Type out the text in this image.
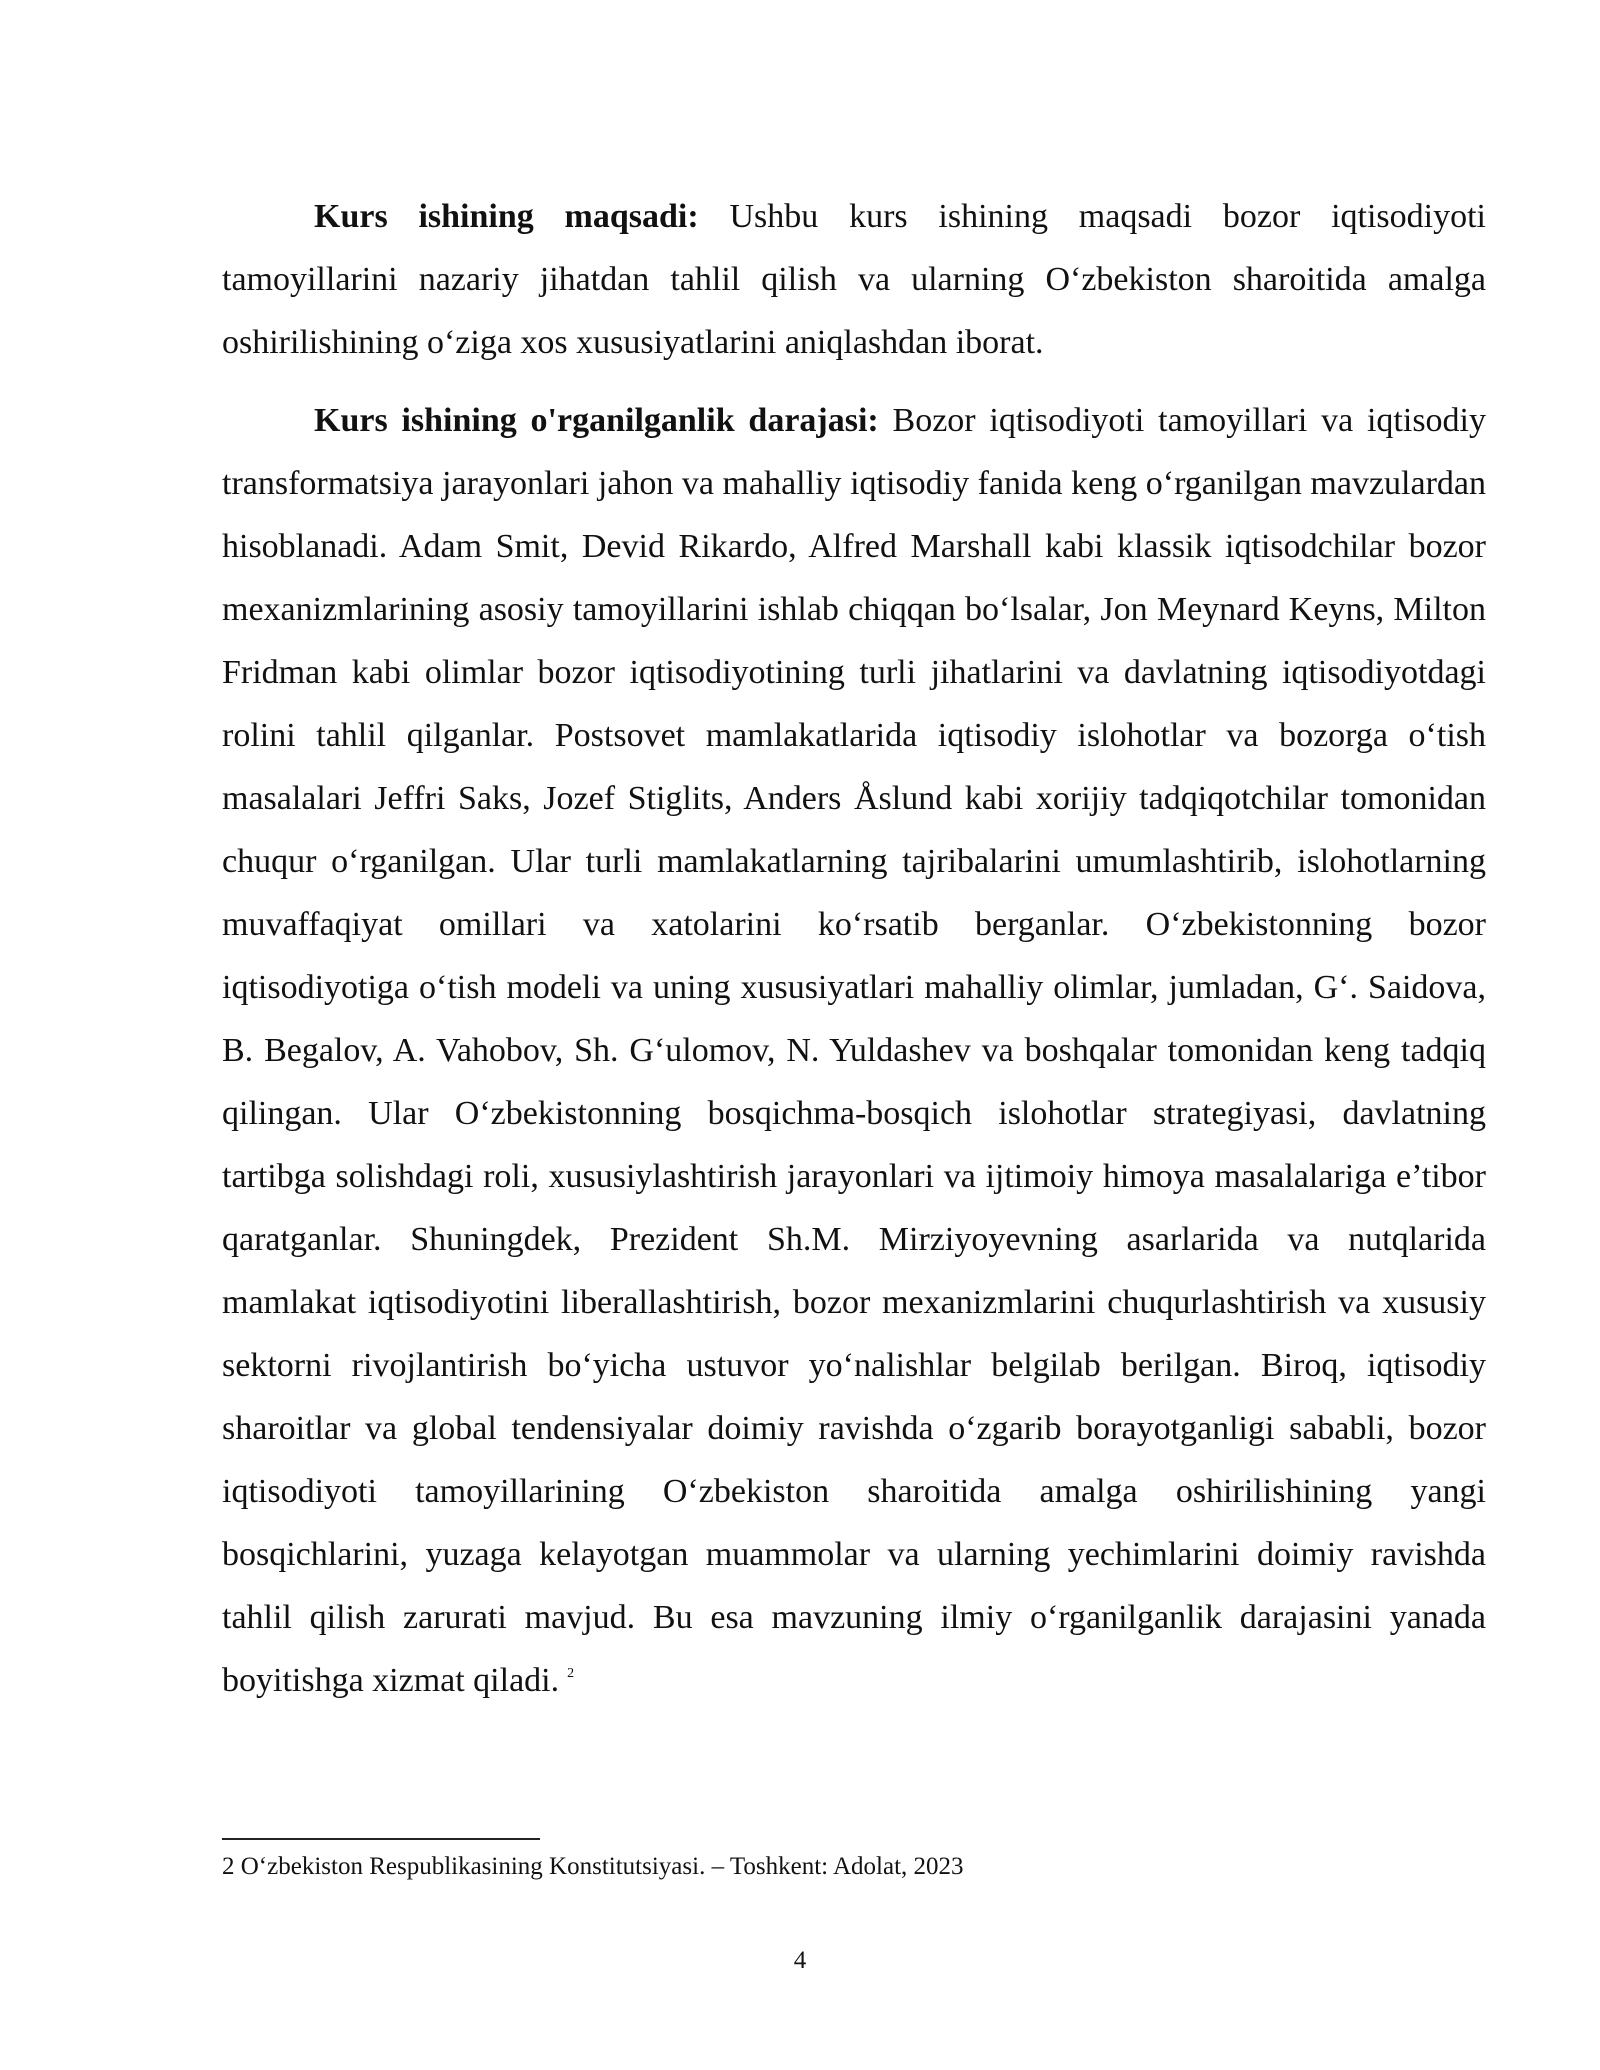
Kurs ishining maqsadi: Ushbu kurs ishining maqsadi bozor iqtisodiyoti tamoyillarini nazariy jihatdan tahlil qilish va ularning O‘zbekiston sharoitida amalga oshirilishining o‘ziga xos xususiyatlarini aniqlashdan iborat.

Kurs ishining o'rganilganlik darajasi: Bozor iqtisodiyoti tamoyillari va iqtisodiy transformatsiya jarayonlari jahon va mahalliy iqtisodiy fanida keng o‘rganilgan mavzulardan hisoblanadi. Adam Smit, Devid Rikardo, Alfred Marshall kabi klassik iqtisodchilar bozor mexanizmlarining asosiy tamoyillarini ishlab chiqqan bo‘lsalar, Jon Meynard Keyns, Milton Fridman kabi olimlar bozor iqtisodiyotining turli jihatlarini va davlatning iqtisodiyotdagi rolini tahlil qilganlar. Postsovet mamlakatlarida iqtisodiy islohotlar va bozorga o‘tish masalalari Jeffri Saks, Jozef Stiglits, Anders Åslund kabi xorijiy tadqiqotchilar tomonidan chuqur o‘rganilgan. Ular turli mamlakatlarning tajribalarini umumlashtirib, islohotlarning muvaffaqiyat omillari va xatolarini ko‘rsatib berganlar. O‘zbekistonning bozor iqtisodiyotiga o‘tish modeli va uning xususiyatlari mahalliy olimlar, jumladan, G‘. Saidova, B. Begalov, A. Vahobov, Sh. G‘ulomov, N. Yuldashev va boshqalar tomonidan keng tadqiq qilingan. Ular O‘zbekistonning bosqichma-bosqich islohotlar strategiyasi, davlatning tartibga solishdagi roli, xususiylashtirish jarayonlari va ijtimoiy himoya masalalariga e’tibor qaratganlar. Shuningdek, Prezident Sh.M. Mirziyoyevning asarlarida va nutqlarida mamlakat iqtisodiyotini liberallashtirish, bozor mexanizmlarini chuqurlashtirish va xususiy sektorni rivojlantirish bo‘yicha ustuvor yo‘nalishlar belgilab berilgan. Biroq, iqtisodiy sharoitlar va global tendensiyalar doimiy ravishda o‘zgarib borayotganligi sababli, bozor iqtisodiyoti tamoyillarining O‘zbekiston sharoitida amalga oshirilishining yangi bosqichlarini, yuzaga kelayotgan muammolar va ularning yechimlarini doimiy ravishda tahlil qilish zarurati mavjud. Bu esa mavzuning ilmiy o‘rganilganlik darajasini yanada boyitishga xizmat qiladi. $^2$

2 O‘zbekiston Respublikasining Konstitutsiyasi. – Toshkent: Adolat, 2023

4
